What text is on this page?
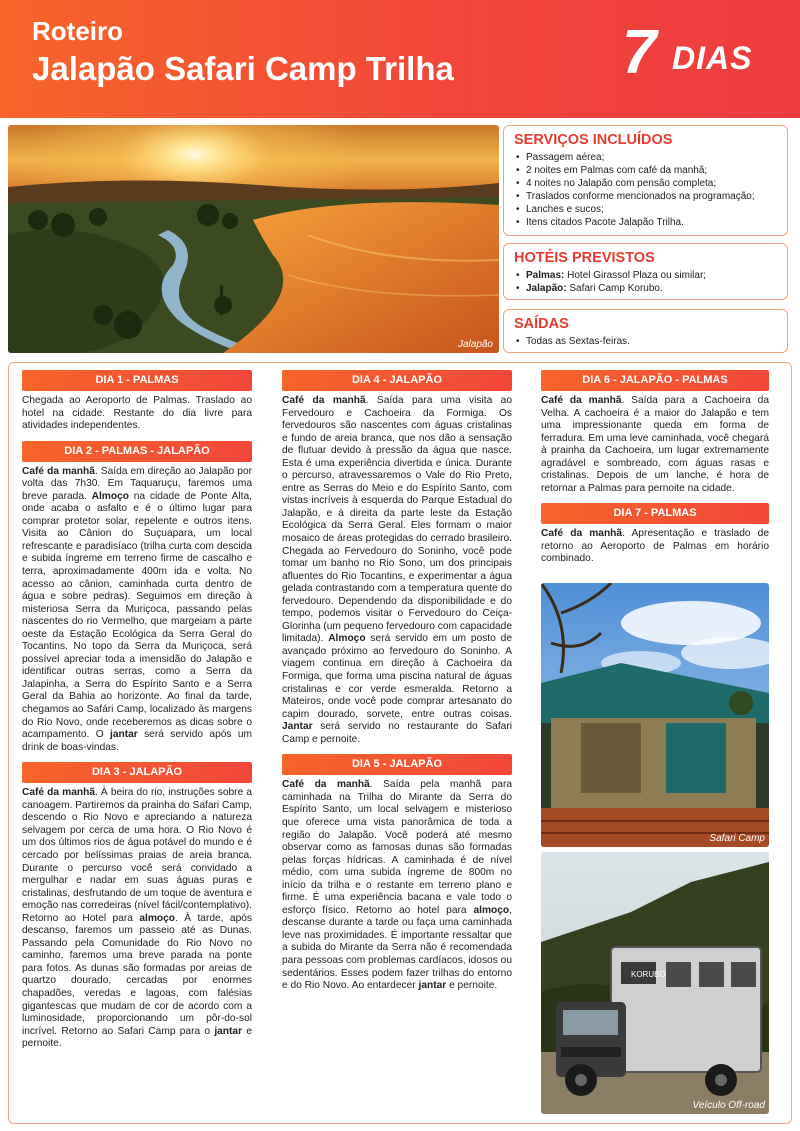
Roteiro
Jalapão Safari Camp Trilha	7 DIAS
Jalapão
SERVIÇOS INCLUÍDOS
• Passagem aérea;
• 2 noites em Palmas com café da manhã;
• 4 noites no Jalapão com pensão completa;
• Traslados conforme mencionados na programação;
• Lanches e sucos;
• Itens citados Pacote Jalapão Trilha.
HOTÉIS PREVISTOS
• Palmas: Hotel Girassol Plaza ou similar;
• Jalapão: Safari Camp Korubo.
SAÍDAS
• Todas as Sextas-feiras.
DIA 1 - PALMAS
Chegada ao Aeroporto de Palmas. Traslado ao hotel na cidade. Restante do dia livre para atividades independentes.
DIA 2 - PALMAS - JALAPÃO
Café da manhã. Saída em direção ao Jalapão por volta das 7h30. Em Taquaruçu, faremos uma breve parada. Almoço na cidade de Ponte Alta, onde acaba o asfalto e é o último lugar para comprar protetor solar, repelente e outros itens. Visita ao Cânion do Suçuapara, um local refrescante e paradisíaco (trilha curta com descida e subida íngreme em terreno firme de cascalho e terra, aproximadamente 400m ida e volta. No acesso ao cânion, caminhada curta dentro de água e sobre pedras). Seguimos em direção à misteriosa Serra da Muriçoca, passando pelas nascentes do rio Vermelho, que margeiam a parte oeste da Estação Ecológica da Serra Geral do Tocantins. No topo da Serra da Muriçoca, será possível apreciar toda a imensidão do Jalapão e identificar outras serras, como a Serra da Jalapinha, a Serra do Espírito Santo e a Serra Geral da Bahia ao horizonte. Ao final da tarde, chegamos ao Safári Camp, localizado às margens do Rio Novo, onde receberemos as dicas sobre o acampamento. O jantar será servido após um drink de boas-vindas.
DIA 3 - JALAPÃO
Café da manhã. À beira do rio, instruções sobre a canoagem. Partiremos da prainha do Safari Camp, descendo o Rio Novo e apreciando a natureza selvagem por cerca de uma hora. O Rio Novo é um dos últimos rios de água potável do mundo e é cercado por belíssimas praias de areia branca. Durante o percurso você será convidado a mergulhar e nadar em suas águas puras e cristalinas, desfrutando de um toque de aventura e emoção nas corredeiras (nível fácil/contemplativo). Retorno ao Hotel para almoço. À tarde, após descanso, faremos um passeio até as Dunas. Passando pela Comunidade do Rio Novo no caminho, faremos uma breve parada na ponte para fotos. As dunas são formadas por areias de quartzo dourado, cercadas por enormes chapadões, veredas e lagoas, com falésias gigantescas que mudam de cor de acordo com a luminosidade, proporcionando um pôr-do-sol incrível. Retorno ao Safari Camp para o jantar e pernoite.
DIA 4 - JALAPÃO
Café da manhã. Saída para uma visita ao Fervedouro e Cachoeira da Formiga. Os fervedouros são nascentes com águas cristalinas e fundo de areia branca, que nos dão a sensação de flutuar devido à pressão da água que nasce. Esta é uma experiência divertida e única. Durante o percurso, atravessaremos o Vale do Rio Preto, entre as Serras do Meio e do Espírito Santo, com vistas incríveis à esquerda do Parque Estadual do Jalapão, e à direita da parte leste da Estação Ecológica da Serra Geral. Eles formam o maior mosaico de áreas protegidas do cerrado brasileiro. Chegada ao Fervedouro do Soninho, você pode tomar um banho no Rio Sono, um dos principais afluentes do Rio Tocantins, e experimentar a água gelada contrastando com a temperatura quente do fervedouro. Dependendo da disponibilidade e do tempo, podemos visitar o Fervedouro do Ceiça-Glorinha (um pequeno fervedouro com capacidade limitada). Almoço será servido em um posto de avançado próximo ao fervedouro do Soninho. A viagem continua em direção à Cachoeira da Formiga, que forma uma piscina natural de águas cristalinas e cor verde esmeralda. Retorno a Mateiros, onde você pode comprar artesanato do capim dourado, sorvete, entre outras coisas. Jantar será servido no restaurante do Safari Camp e pernoite.
DIA 5 - JALAPÃO
Café da manhã. Saída pela manhã para caminhada na Trilha do Mirante da Serra do Espírito Santo, um local selvagem e misterioso que oferece uma vista panorâmica de toda a região do Jalapão. Você poderá até mesmo observar como as famosas dunas são formadas pelas forças hídricas. A caminhada é de nível médio, com uma subida íngreme de 800m no início da trilha e o restante em terreno plano e firme. É uma experiência bacana e vale todo o esforço físico. Retorno ao hotel para almoço, descanse durante a tarde ou faça uma caminhada leve nas proximidades. É importante ressaltar que a subida do Mirante da Serra não é recomendada para pessoas com problemas cardíacos, idosos ou sedentários. Esses podem fazer trilhas do entorno e do Rio Novo. Ao entardecer jantar e pernoite.
DIA 6 - JALAPÃO - PALMAS
Café da manhã. Saída para a Cachoeira da Velha. A cachoeira é a maior do Jalapão e tem uma impressionante queda em forma de ferradura. Em uma leve caminhada, você chegará à prainha da Cachoeira, um lugar extremamente agradável e sombreado, com águas rasas e cristalinas. Depois de um lanche, é hora de retornar a Palmas para pernoite na cidade.
DIA 7 - PALMAS
Café da manhã. Apresentação e traslado de retorno ao Aeroporto de Palmas em horário combinado.
Safari Camp
KORUBO
Veículo Off-road
